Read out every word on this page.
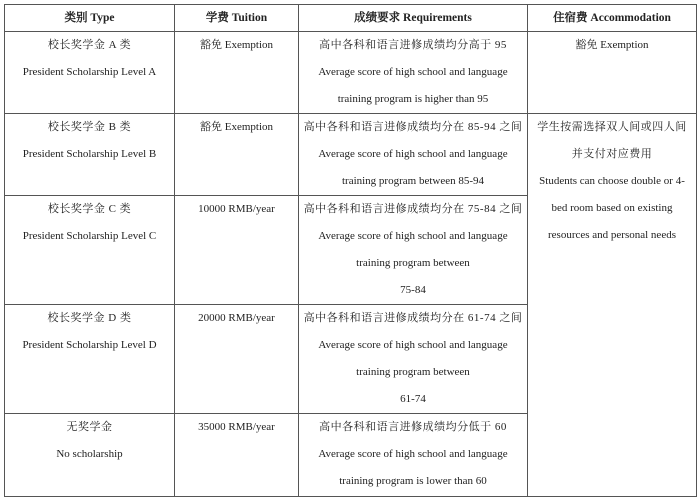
类别 Type	学费 Tuition	成绩要求 Requirements	住宿费 Accommodation

校长奖学金 A 类
President Scholarship Level A	豁免 Exemption	高中各科和语言进修成绩均分高于 95
Average score of high school and language
training program is higher than 95	豁免 Exemption

校长奖学金 B 类
President Scholarship Level B	豁免 Exemption	高中各科和语言进修成绩均分在 85-94 之间
Average score of high school and language
training program between 85-94	学生按需选择双人间或四人间
并支付对应费用
Students can choose double or 4-
bed room based on existing
resources and personal needs

校长奖学金 C 类
President Scholarship Level C	10000 RMB/year	高中各科和语言进修成绩均分在 75-84 之间
Average score of high school and language
training program between
75-84	

校长奖学金 D 类
President Scholarship Level D	20000 RMB/year	高中各科和语言进修成绩均分在 61-74 之间
Average score of high school and language
training program between
61-74	

无奖学金
No scholarship	35000 RMB/year	高中各科和语言进修成绩均分低于 60
Average score of high school and language
training program is lower than 60	
